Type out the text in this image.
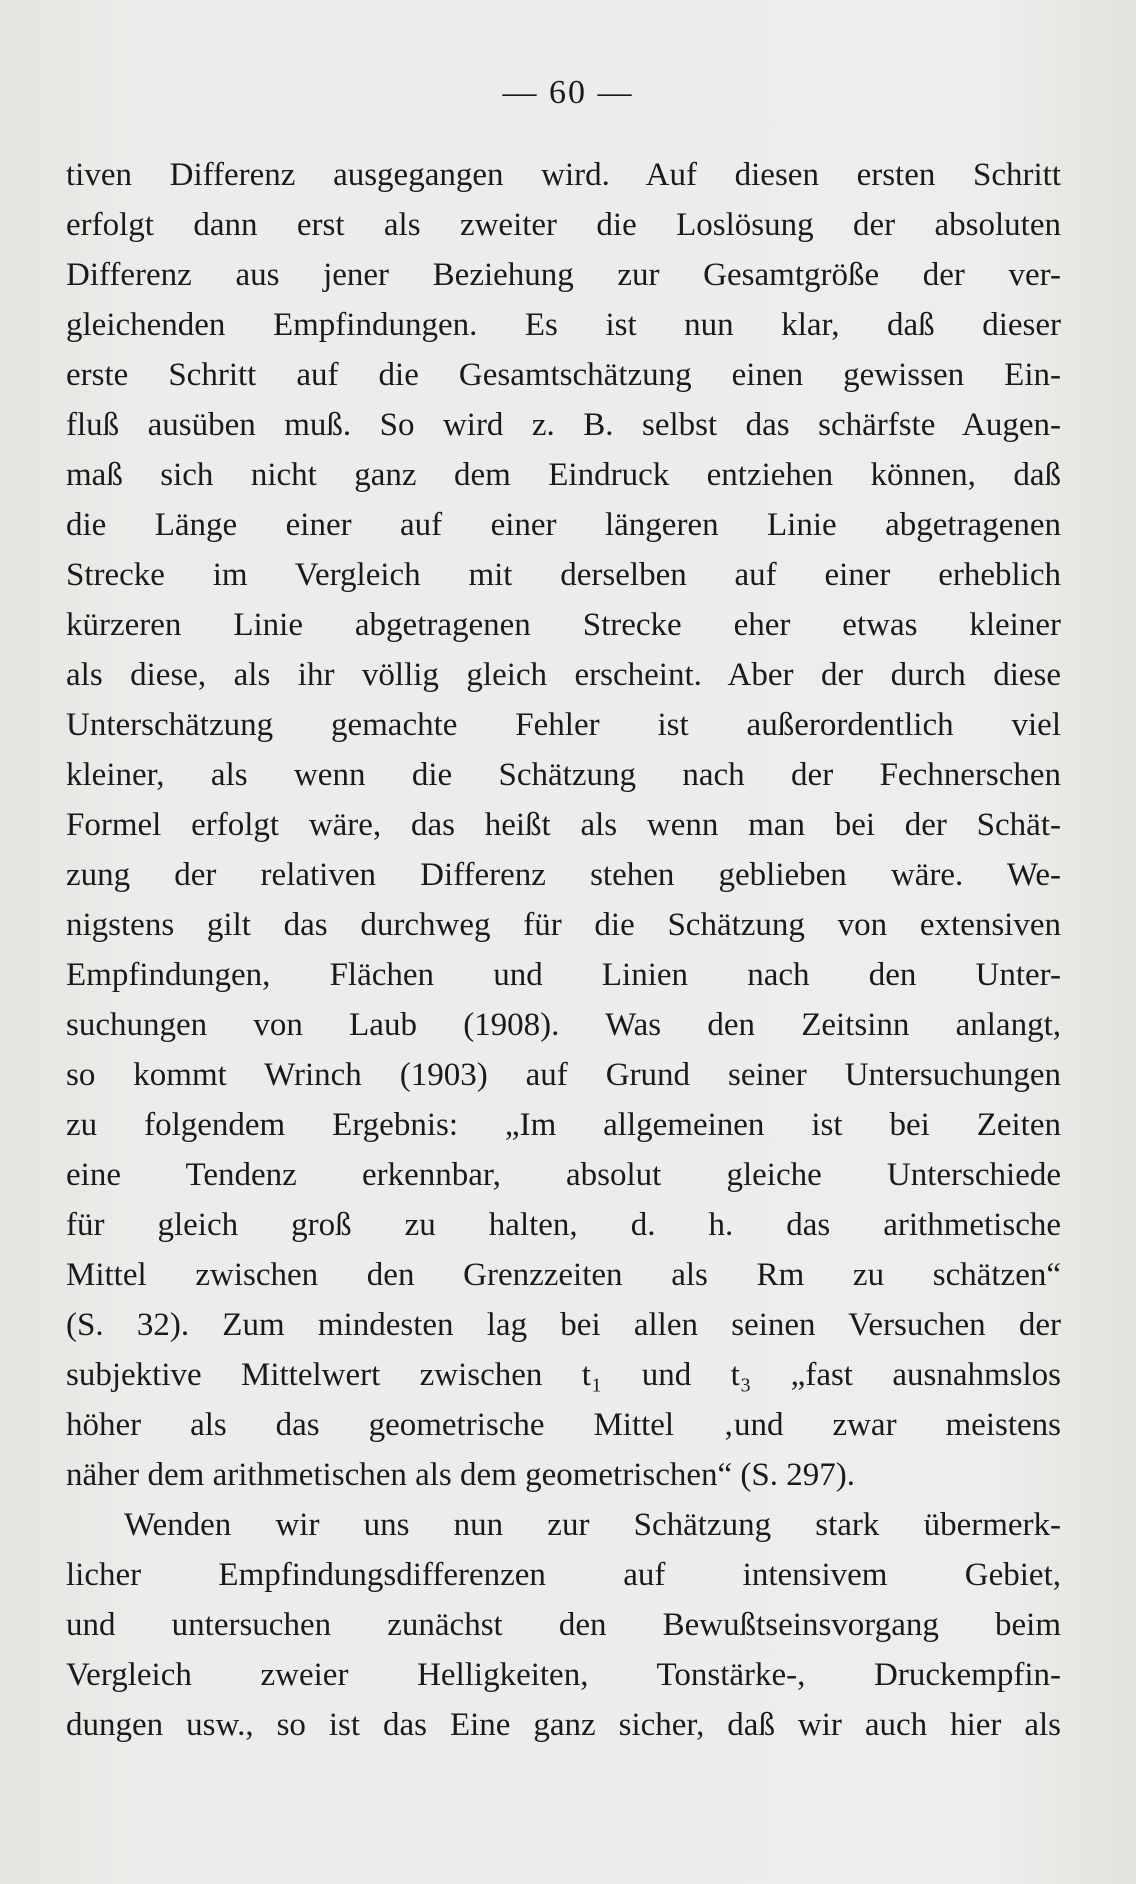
— 60 —
tiven Differenz ausgegangen wird. Auf diesen ersten Schritt
erfolgt dann erst als zweiter die Loslösung der absoluten
Differenz aus jener Beziehung zur Gesamtgröße der ver-
gleichenden Empfindungen. Es ist nun klar, daß dieser
erste Schritt auf die Gesamtschätzung einen gewissen Ein-
fluß ausüben muß. So wird z. B. selbst das schärfste Augen-
maß sich nicht ganz dem Eindruck entziehen können, daß
die Länge einer auf einer längeren Linie abgetragenen
Strecke im Vergleich mit derselben auf einer erheblich
kürzeren Linie abgetragenen Strecke eher etwas kleiner
als diese, als ihr völlig gleich erscheint. Aber der durch diese
Unterschätzung gemachte Fehler ist außerordentlich viel
kleiner, als wenn die Schätzung nach der Fechnerschen
Formel erfolgt wäre, das heißt als wenn man bei der Schät-
zung der relativen Differenz stehen geblieben wäre. We-
nigstens gilt das durchweg für die Schätzung von extensiven
Empfindungen, Flächen und Linien nach den Unter-
suchungen von Laub (1908). Was den Zeitsinn anlangt,
so kommt Wrinch (1903) auf Grund seiner Untersuchungen
zu folgendem Ergebnis: „Im allgemeinen ist bei Zeiten
eine Tendenz erkennbar, absolut gleiche Unterschiede
für gleich groß zu halten, d. h. das arithmetische
Mittel zwischen den Grenzzeiten als Rm zu schätzen“
(S. 32). Zum mindesten lag bei allen seinen Versuchen der
subjektive Mittelwert zwischen t₁ und t₃ „fast ausnahmslos
höher als das geometrische Mittel ‚und zwar meistens
näher dem arithmetischen als dem geometrischen“ (S. 297).
Wenden wir uns nun zur Schätzung stark übermerk-
licher Empfindungsdifferenzen auf intensivem Gebiet,
und untersuchen zunächst den Bewußtseinsvorgang beim
Vergleich zweier Helligkeiten, Tonstärke-, Druckempfin-
dungen usw., so ist das Eine ganz sicher, daß wir auch hier als
